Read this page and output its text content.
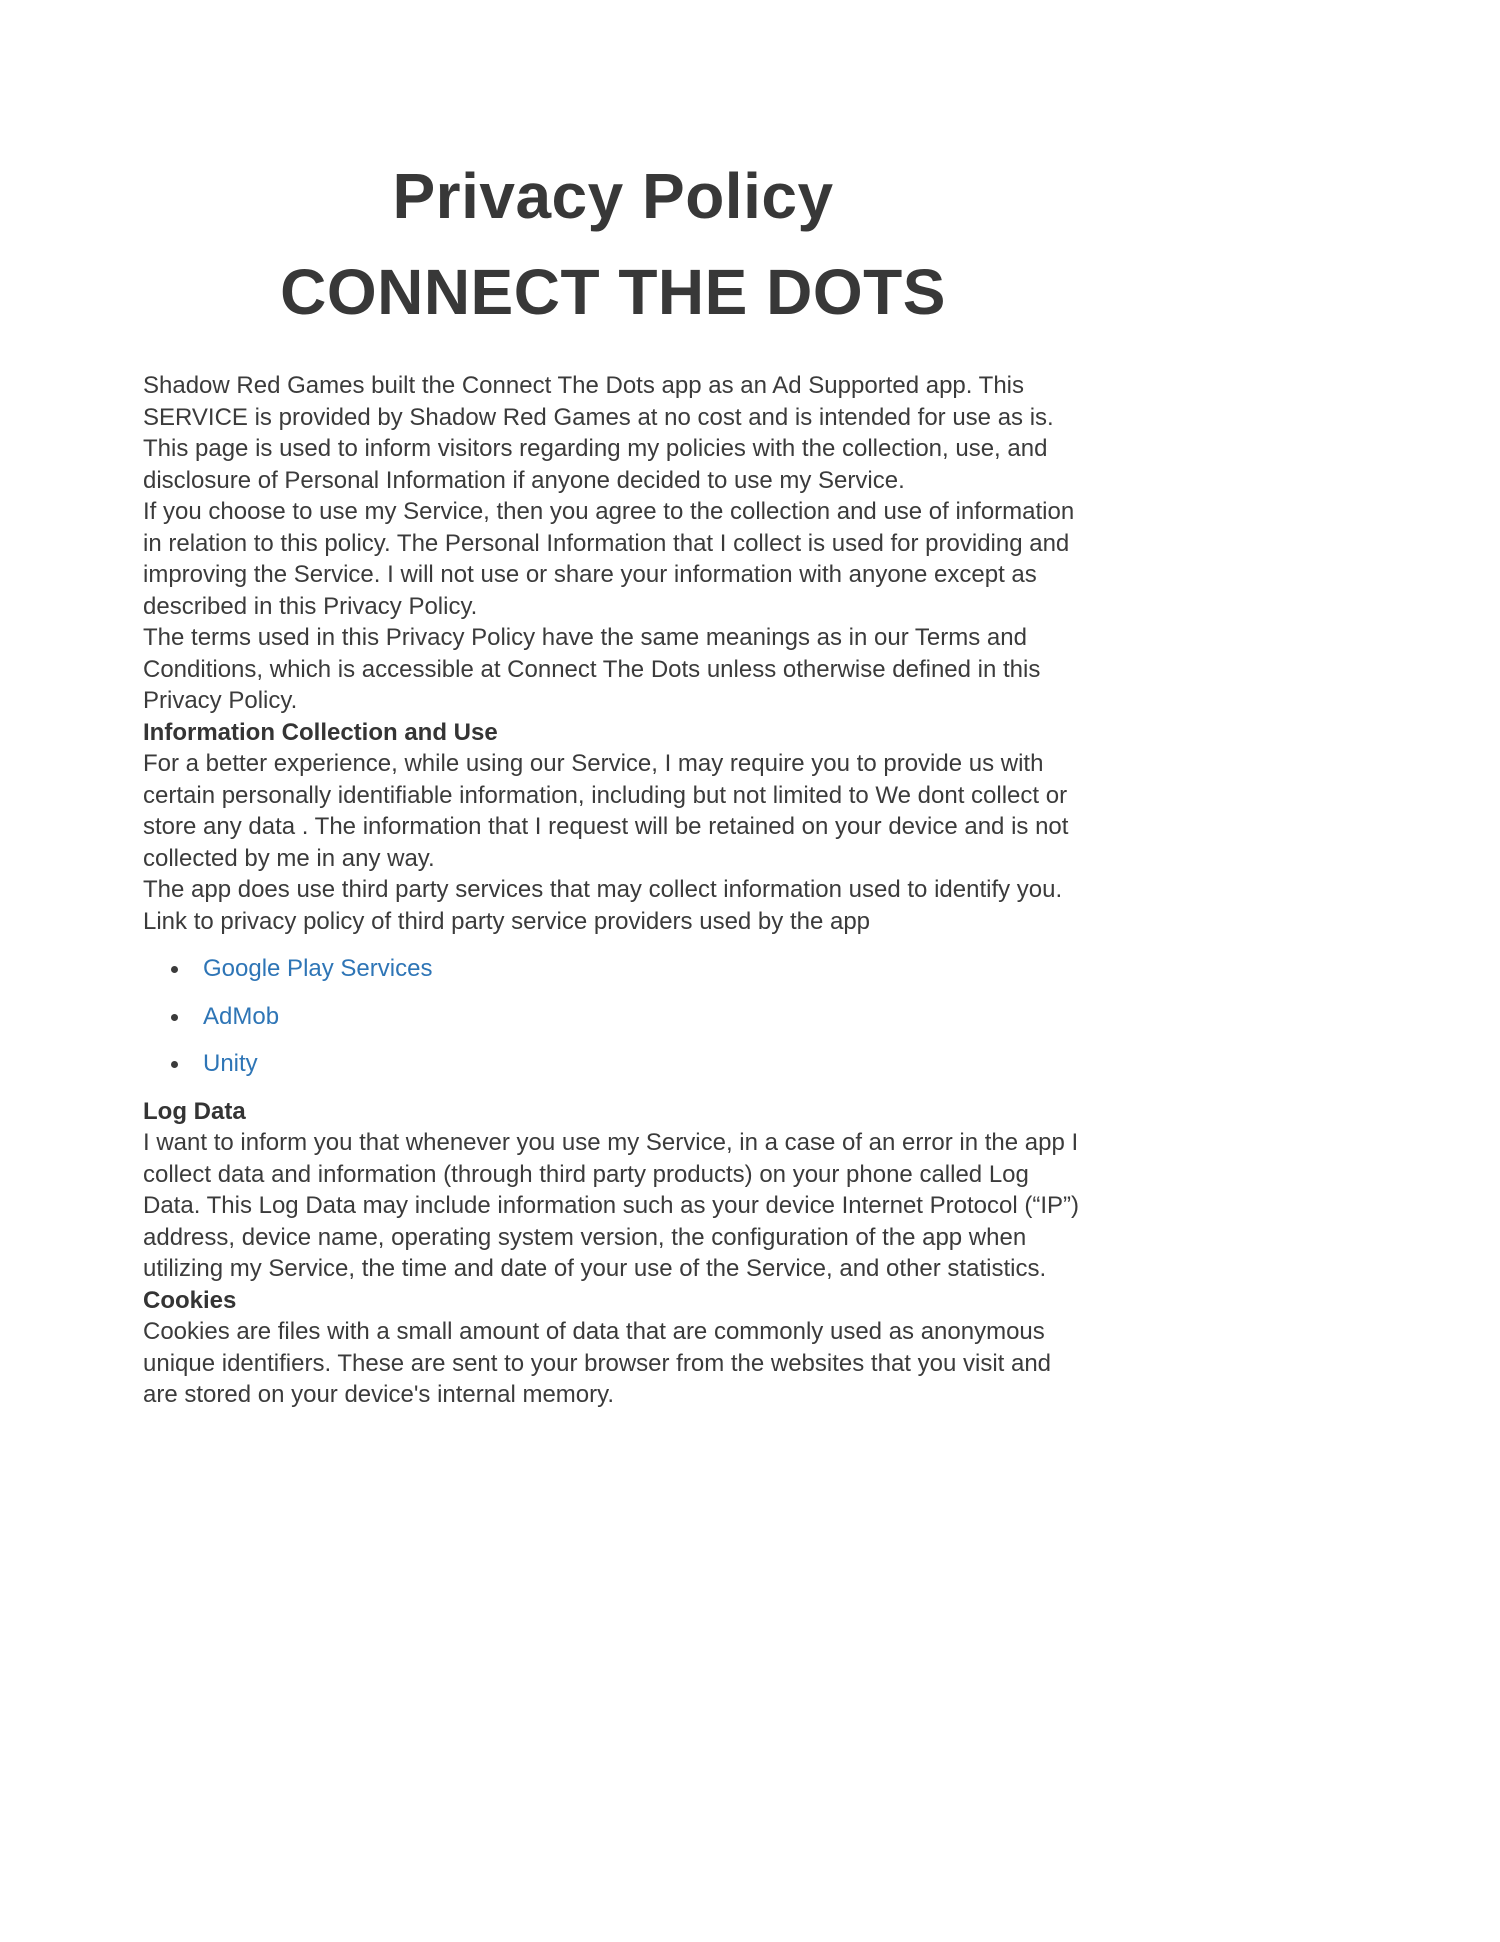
Privacy Policy
CONNECT THE DOTS

Shadow Red Games built the Connect The Dots app as an Ad Supported app. This SERVICE is provided by Shadow Red Games at no cost and is intended for use as is.

This page is used to inform visitors regarding my policies with the collection, use, and disclosure of Personal Information if anyone decided to use my Service.

If you choose to use my Service, then you agree to the collection and use of information in relation to this policy. The Personal Information that I collect is used for providing and improving the Service. I will not use or share your information with anyone except as described in this Privacy Policy.

The terms used in this Privacy Policy have the same meanings as in our Terms and Conditions, which is accessible at Connect The Dots unless otherwise defined in this Privacy Policy.

Information Collection and Use

For a better experience, while using our Service, I may require you to provide us with certain personally identifiable information, including but not limited to We dont collect or store any data . The information that I request will be retained on your device and is not collected by me in any way.

The app does use third party services that may collect information used to identify you.

Link to privacy policy of third party service providers used by the app

Google Play Services
AdMob
Unity
Log Data

I want to inform you that whenever you use my Service, in a case of an error in the app I collect data and information (through third party products) on your phone called Log Data. This Log Data may include information such as your device Internet Protocol (“IP”) address, device name, operating system version, the configuration of the app when utilizing my Service, the time and date of your use of the Service, and other statistics.

Cookies

Cookies are files with a small amount of data that are commonly used as anonymous unique identifiers. These are sent to your browser from the websites that you visit and are stored on your device's internal memory.
